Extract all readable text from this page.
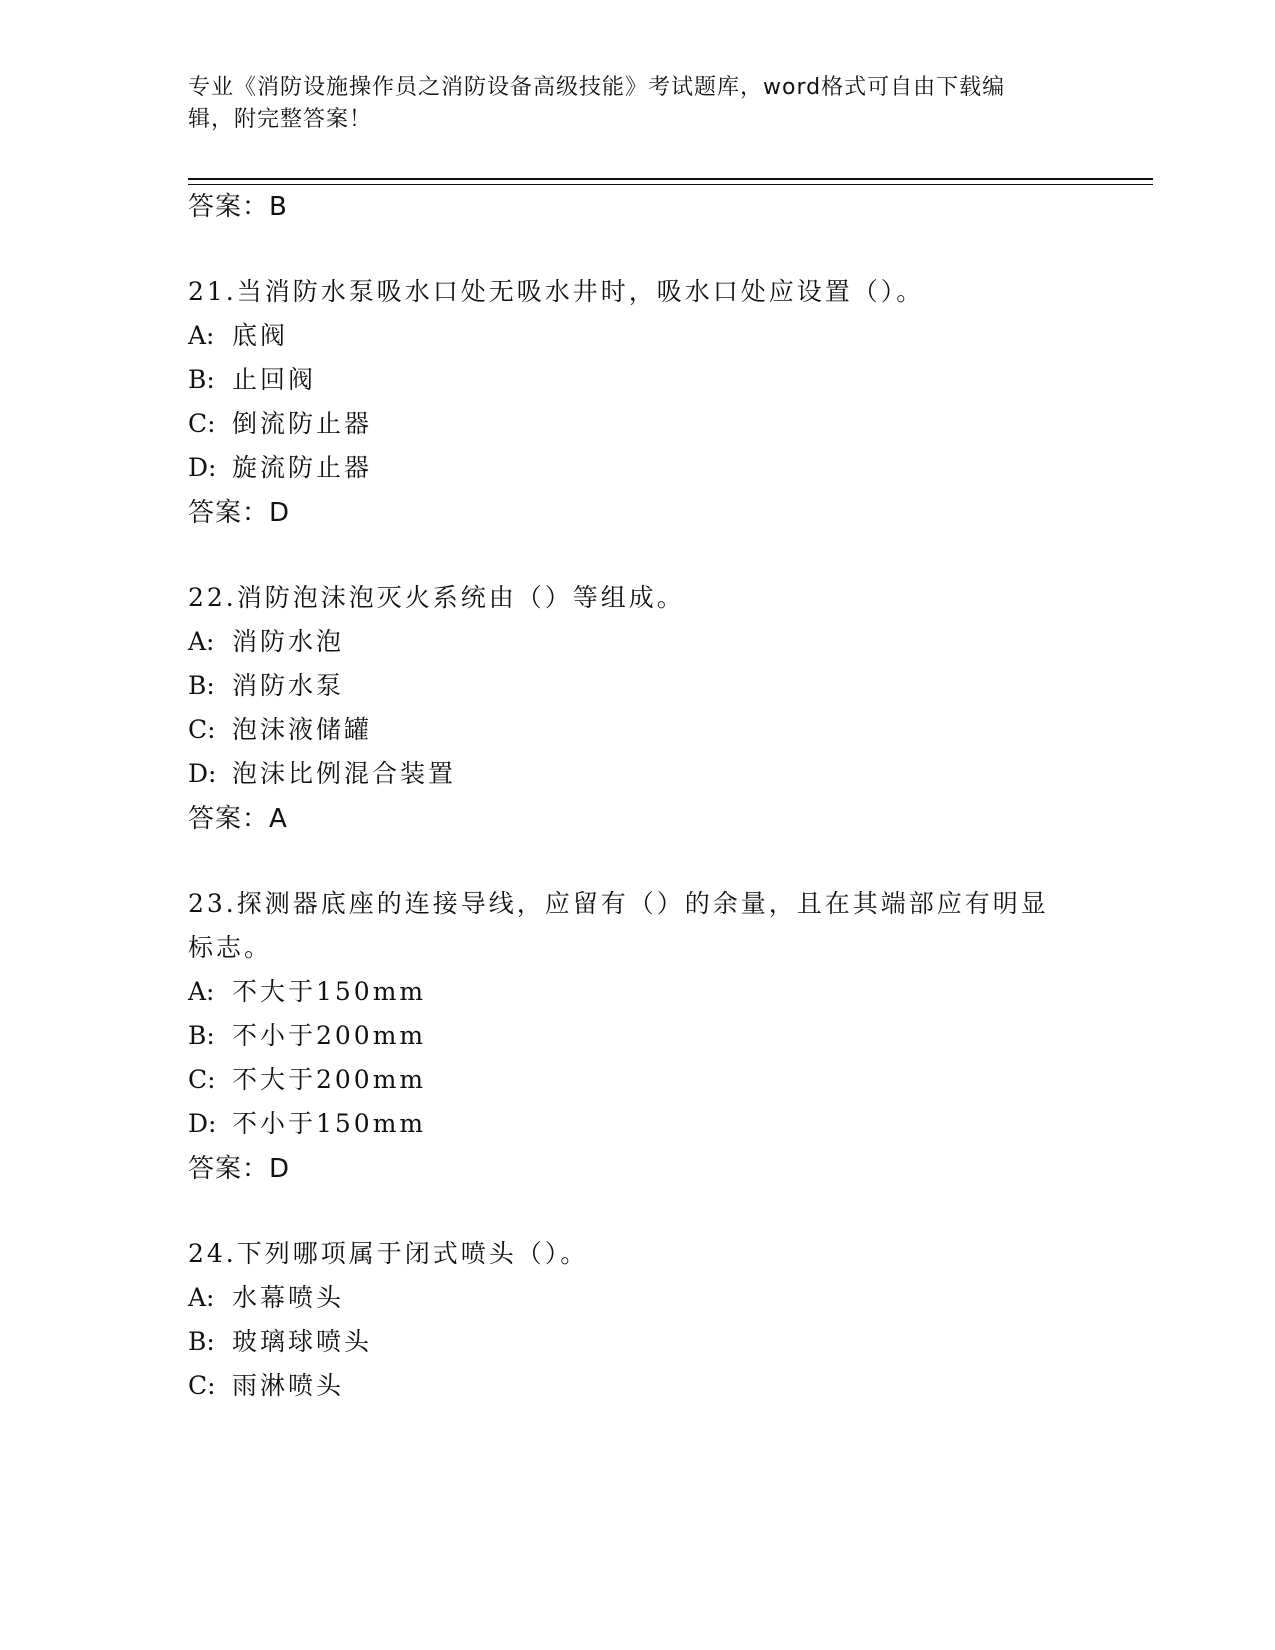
专业《消防设施操作员之消防设备高级技能》考试题库，word格式可自由下载编
辑，附完整答案！
答案：B
21.当消防水泵吸水口处无吸水井时，吸水口处应设置（）。
A: 底阀
B: 止回阀
C: 倒流防止器
D: 旋流防止器
答案：D
22.消防泡沫泡灭火系统由（）等组成。
A: 消防水泡
B: 消防水泵
C: 泡沫液储罐
D: 泡沫比例混合装置
答案：A
23.探测器底座的连接导线，应留有（）的余量，且在其端部应有明显
标志。
A: 不大于150mm
B: 不小于200mm
C: 不大于200mm
D: 不小于150mm
答案：D
24.下列哪项属于闭式喷头（）。
A: 水幕喷头
B: 玻璃球喷头
C: 雨淋喷头
